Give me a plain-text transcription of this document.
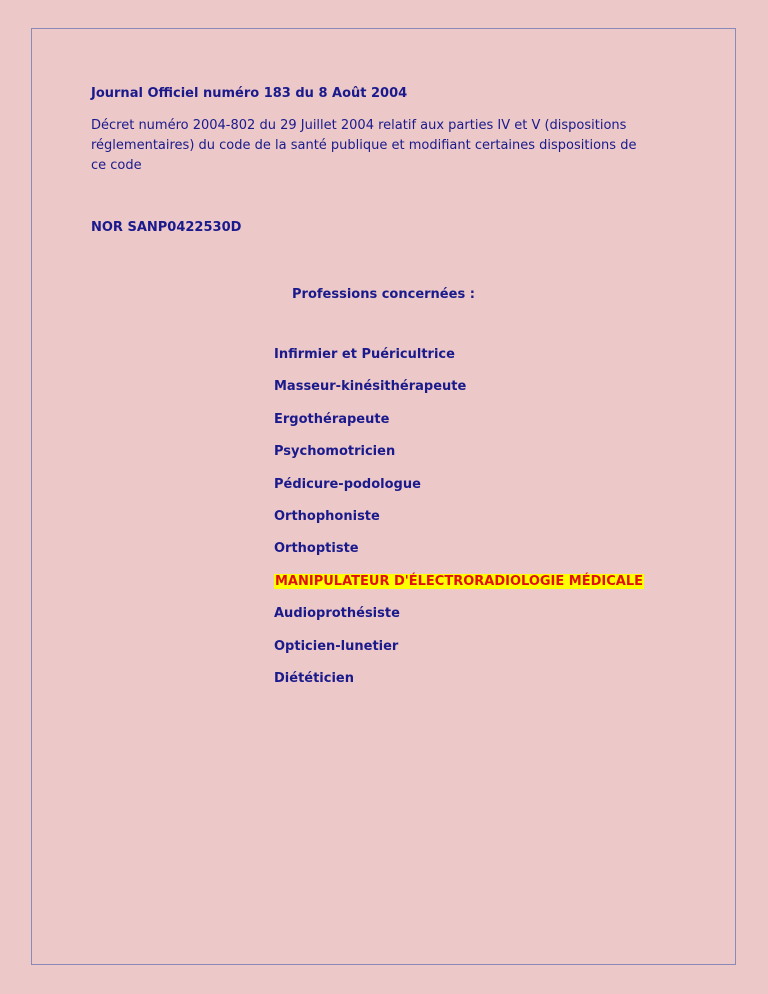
Journal Officiel numéro 183 du 8 Août 2004
Décret numéro 2004-802 du 29 Juillet 2004 relatif aux parties IV et V (dispositions réglementaires) du code de la santé publique et modifiant certaines dispositions de ce code
NOR SANP0422530D
Professions concernées :
Infirmier et Puéricultrice
Masseur-kinésithérapeute
Ergothérapeute
Psychomotricien
Pédicure-podologue
Orthophoniste
Orthoptiste
MANIPULATEUR D'ÉLECTRORADIOLOGIE MÉDICALE
Audioprothésiste
Opticien-lunetier
Diététicien
